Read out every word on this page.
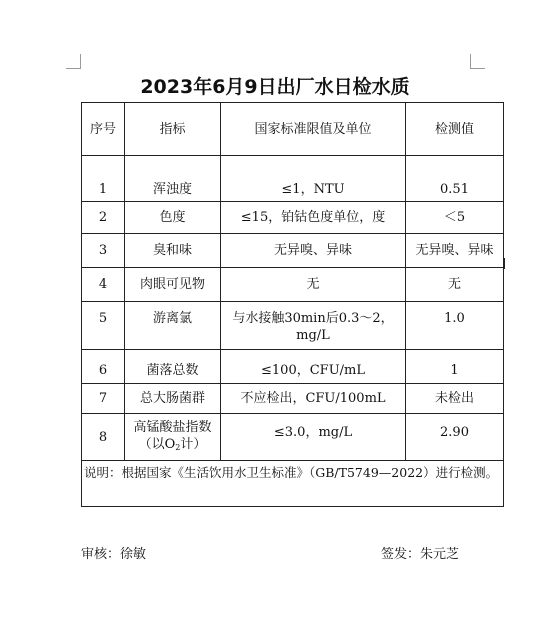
2023年6月9日出厂水日检水质
序号	指标	国家标准限值及单位	检测值
1	浑浊度	≤1，NTU	0.51
2	色度	≤15，铂钴色度单位，度	＜5
3	臭和味	无异嗅、异味	无异嗅、异味
4	肉眼可见物	无	无
5	游离氯	与水接触30min后0.3～2，
mg/L	1.0
6	菌落总数	≤100，CFU/mL	1
7	总大肠菌群	不应检出，CFU/100mL	未检出
8	高锰酸盐指数
（以$O_2$计）	≤3.0，mg/L	2.90
说明：根据国家《生活饮用水卫生标准》（GB/T5749—2022）进行检测。			
审核：徐敏	签发：朱元芝
